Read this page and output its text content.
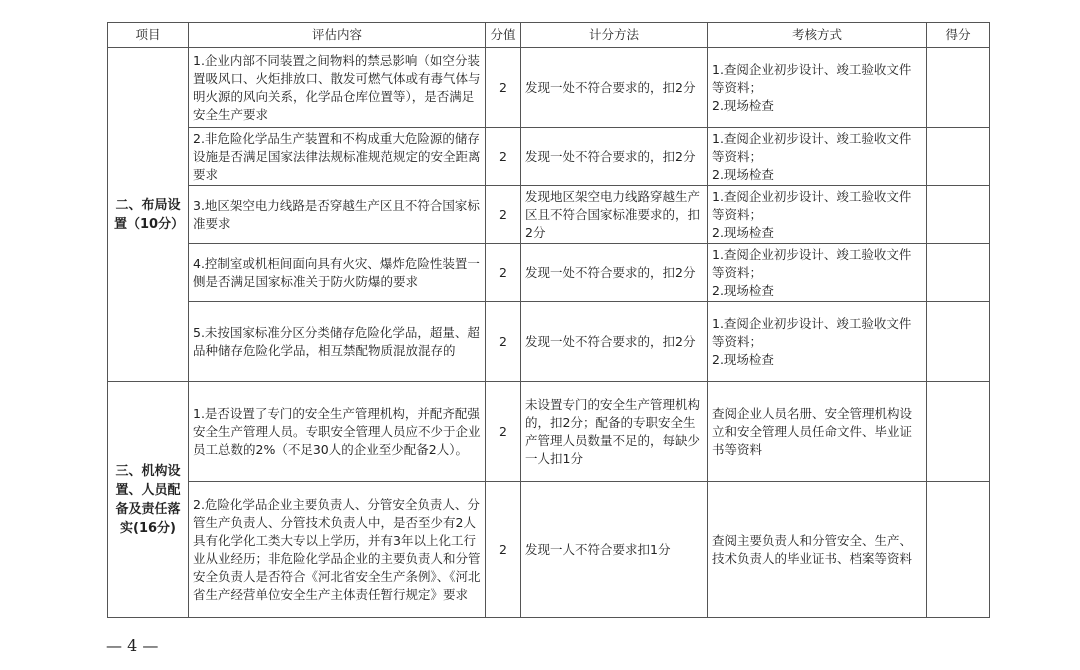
项目	评估内容	分值	计分方法	考核方式	得分
二、布局设置（10分）	1.企业内部不同装置之间物料的禁忌影响（如空分装置吸风口、火炬排放口、散发可燃气体或有毒气体与明火源的风向关系，化学品仓库位置等），是否满足安全生产要求	2	发现一处不符合要求的，扣2分	1.查阅企业初步设计、竣工验收文件等资料；
2.现场检查	
	2.非危险化学品生产装置和不构成重大危险源的储存设施是否满足国家法律法规标准规范规定的安全距离要求	2	发现一处不符合要求的，扣2分	1.查阅企业初步设计、竣工验收文件等资料；
2.现场检查	
	3.地区架空电力线路是否穿越生产区且不符合国家标准要求	2	发现地区架空电力线路穿越生产区且不符合国家标准要求的，扣2分	1.查阅企业初步设计、竣工验收文件等资料；
2.现场检查	
	4.控制室或机柜间面向具有火灾、爆炸危险性装置一侧是否满足国家标准关于防火防爆的要求	2	发现一处不符合要求的，扣2分	1.查阅企业初步设计、竣工验收文件等资料；
2.现场检查	
	5.未按国家标准分区分类储存危险化学品，超量、超品种储存危险化学品，相互禁配物质混放混存的	2	发现一处不符合要求的，扣2分	1.查阅企业初步设计、竣工验收文件等资料；
2.现场检查	
三、机构设置、人员配备及责任落实(16分)	1.是否设置了专门的安全生产管理机构，并配齐配强安全生产管理人员。专职安全管理人员应不少于企业员工总数的2%（不足30人的企业至少配备2人）。	2	未设置专门的安全生产管理机构的，扣2分；配备的专职安全生产管理人员数量不足的，每缺少一人扣1分	查阅企业人员名册、安全管理机构设立和安全管理人员任命文件、毕业证书等资料	
	2.危险化学品企业主要负责人、分管安全负责人、分管生产负责人、分管技术负责人中，是否至少有2人具有化学化工类大专以上学历，并有3年以上化工行业从业经历；非危险化学品企业的主要负责人和分管安全负责人是否符合《河北省安全生产条例》、《河北省生产经营单位安全生产主体责任暂行规定》要求	2	发现一人不符合要求扣1分	查阅主要负责人和分管安全、生产、技术负责人的毕业证书、档案等资料	
— 4 —
